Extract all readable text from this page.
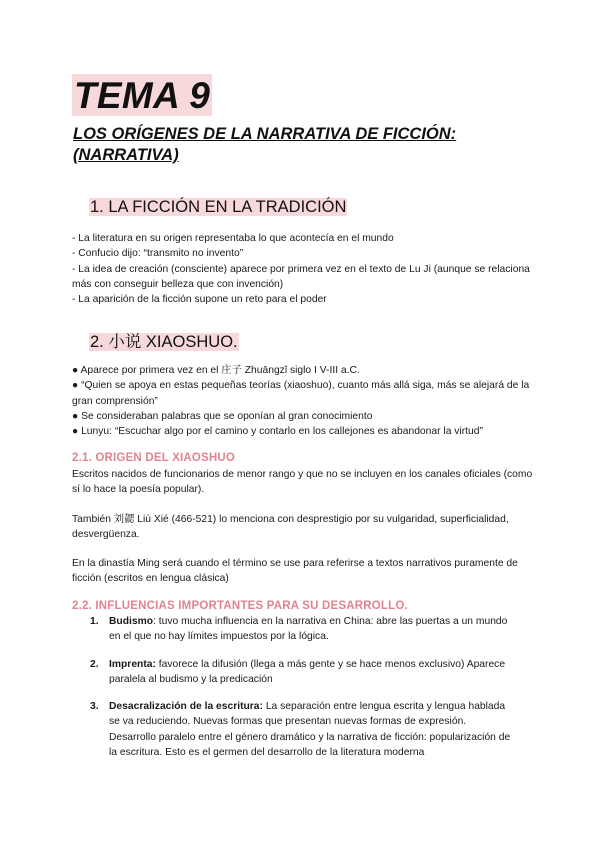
TEMA 9
LOS ORÍGENES DE LA NARRATIVA DE FICCIÓN: (NARRATIVA)
1. LA FICCIÓN EN LA TRADICIÓN
- La literatura en su origen representaba lo que acontecía en el mundo
- Confucio dijo: “transmito no invento”
- La idea de creación (consciente) aparece por primera vez en el texto de Lu Ji (aunque se relaciona más con conseguir belleza que con invención)
- La aparición de la ficción supone un reto para el poder
2. 小说 XIAOSHUO.
● Aparece por primera vez en el 庄子 Zhuāngzǐ siglo I V-III a.C.
● “Quien se apoya en estas pequeñas teorías (xiaoshuo), cuanto más allá siga, más se alejará de la gran comprensión”
● Se consideraban palabras que se oponían al gran conocimiento
● Lunyu: “Escuchar algo por el camino y contarlo en los callejones es abandonar la virtud”
2.1. ORIGEN DEL XIAOSHUO
Escritos nacidos de funcionarios de menor rango y que no se incluyen en los canales oficiales (como sí lo hace la poesía popular).
También 刘勰 Liú Xié (466-521) lo menciona con desprestigio por su vulgaridad, superficialidad, desvergüenza.
En la dinastía Ming será cuando el término se use para referirse a textos narrativos puramente de ficción (escritos en lengua clásica)
2.2. INFLUENCIAS IMPORTANTES PARA SU DESARROLLO.
1. Budismo: tuvo mucha influencia en la narrativa en China: abre las puertas a un mundo en el que no hay límites impuestos por la lógica.
2. Imprenta: favorece la difusión (llega a más gente y se hace menos exclusivo) Aparece paralela al budismo y la predicación
3. Desacralización de la escritura: La separación entre lengua escrita y lengua hablada se va reduciendo. Nuevas formas que presentan nuevas formas de expresión. Desarrollo paralelo entre el género dramático y la narrativa de ficción: popularización de la escritura. Esto es el germen del desarrollo de la literatura moderna
